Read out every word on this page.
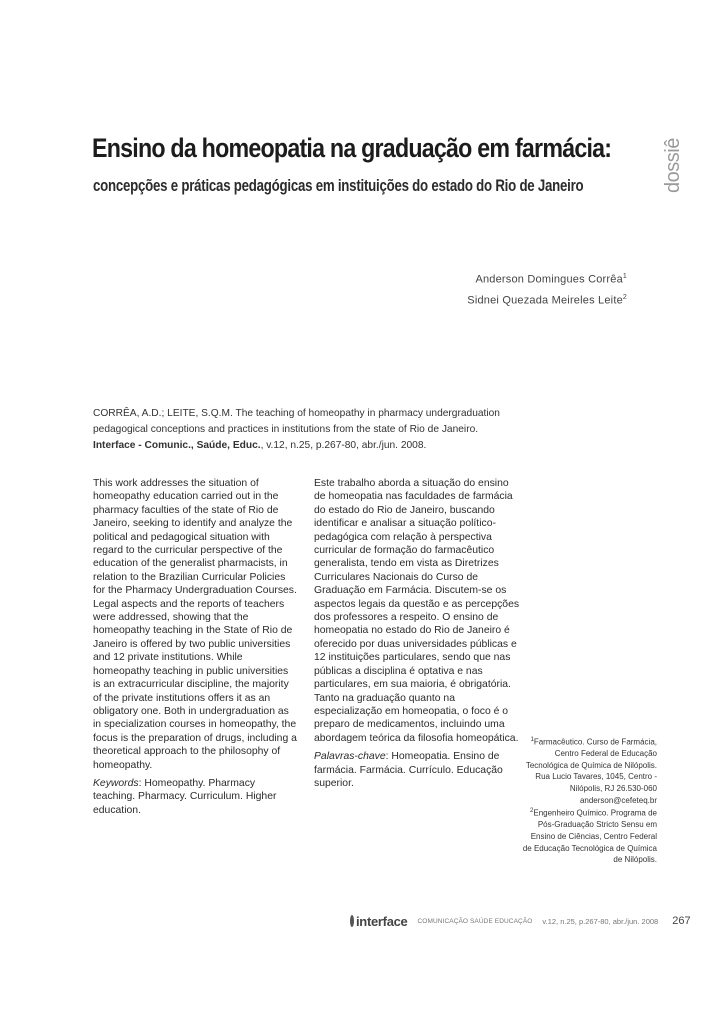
Ensino da homeopatia na graduação em farmácia:
concepções e práticas pedagógicas em instituições do estado do Rio de Janeiro	dossiê
Anderson Domingues Corrêa$^1$
Sidnei Quezada Meireles Leite$^2$
CORRÊA, A.D.; LEITE, S.Q.M. The teaching of homeopathy in pharmacy undergraduation pedagogical conceptions and practices in institutions from the state of Rio de Janeiro.
Interface - Comunic., Saúde, Educ., v.12, n.25, p.267-80, abr./jun. 2008.

This work addresses the situation of homeopathy education carried out in the pharmacy faculties of the state of Rio de Janeiro, seeking to identify and analyze the political and pedagogical situation with regard to the curricular perspective of the education of the generalist pharmacists, in relation to the Brazilian Curricular Policies for the Pharmacy Undergraduation Courses. Legal aspects and the reports of teachers were addressed, showing that the homeopathy teaching in the State of Rio de Janeiro is offered by two public universities and 12 private institutions. While homeopathy teaching in public universities is an extracurricular discipline, the majority of the private institutions offers it as an obligatory one. Both in undergraduation as in specialization courses in homeopathy, the focus is the preparation of drugs, including a theoretical approach to the philosophy of homeopathy.

Keywords: Homeopathy. Pharmacy teaching. Pharmacy. Curriculum. Higher education.

Este trabalho aborda a situação do ensino de homeopatia nas faculdades de farmácia do estado do Rio de Janeiro, buscando identificar e analisar a situação político-pedagógica com relação à perspectiva curricular de formação do farmacêutico generalista, tendo em vista as Diretrizes Curriculares Nacionais do Curso de Graduação em Farmácia. Discutem-se os aspectos legais da questão e as percepções dos professores a respeito. O ensino de homeopatia no estado do Rio de Janeiro é oferecido por duas universidades públicas e 12 instituições particulares, sendo que nas públicas a disciplina é optativa e nas particulares, em sua maioria, é obrigatória. Tanto na graduação quanto na especialização em homeopatia, o foco é o preparo de medicamentos, incluindo uma abordagem teórica da filosofia homeopática.

Palavras-chave: Homeopatia. Ensino de farmácia. Farmácia. Currículo. Educação superior.

$^1$Farmacêutico. Curso de Farmácia, Centro Federal de Educação Tecnológica de Química de Nilópolis. Rua Lucio Tavares, 1045, Centro - Nilópolis, RJ 26.530-060
anderson@cefeteq.br
$^2$Engenheiro Químico. Programa de Pós-Graduação Stricto Sensu em Ensino de Ciências, Centro Federal de Educação Tecnológica de Química de Nilópolis.
interface COMUNICAÇÃO SAÚDE EDUCAÇÃO v.12, n.25, p.267-80, abr./jun. 2008 267
